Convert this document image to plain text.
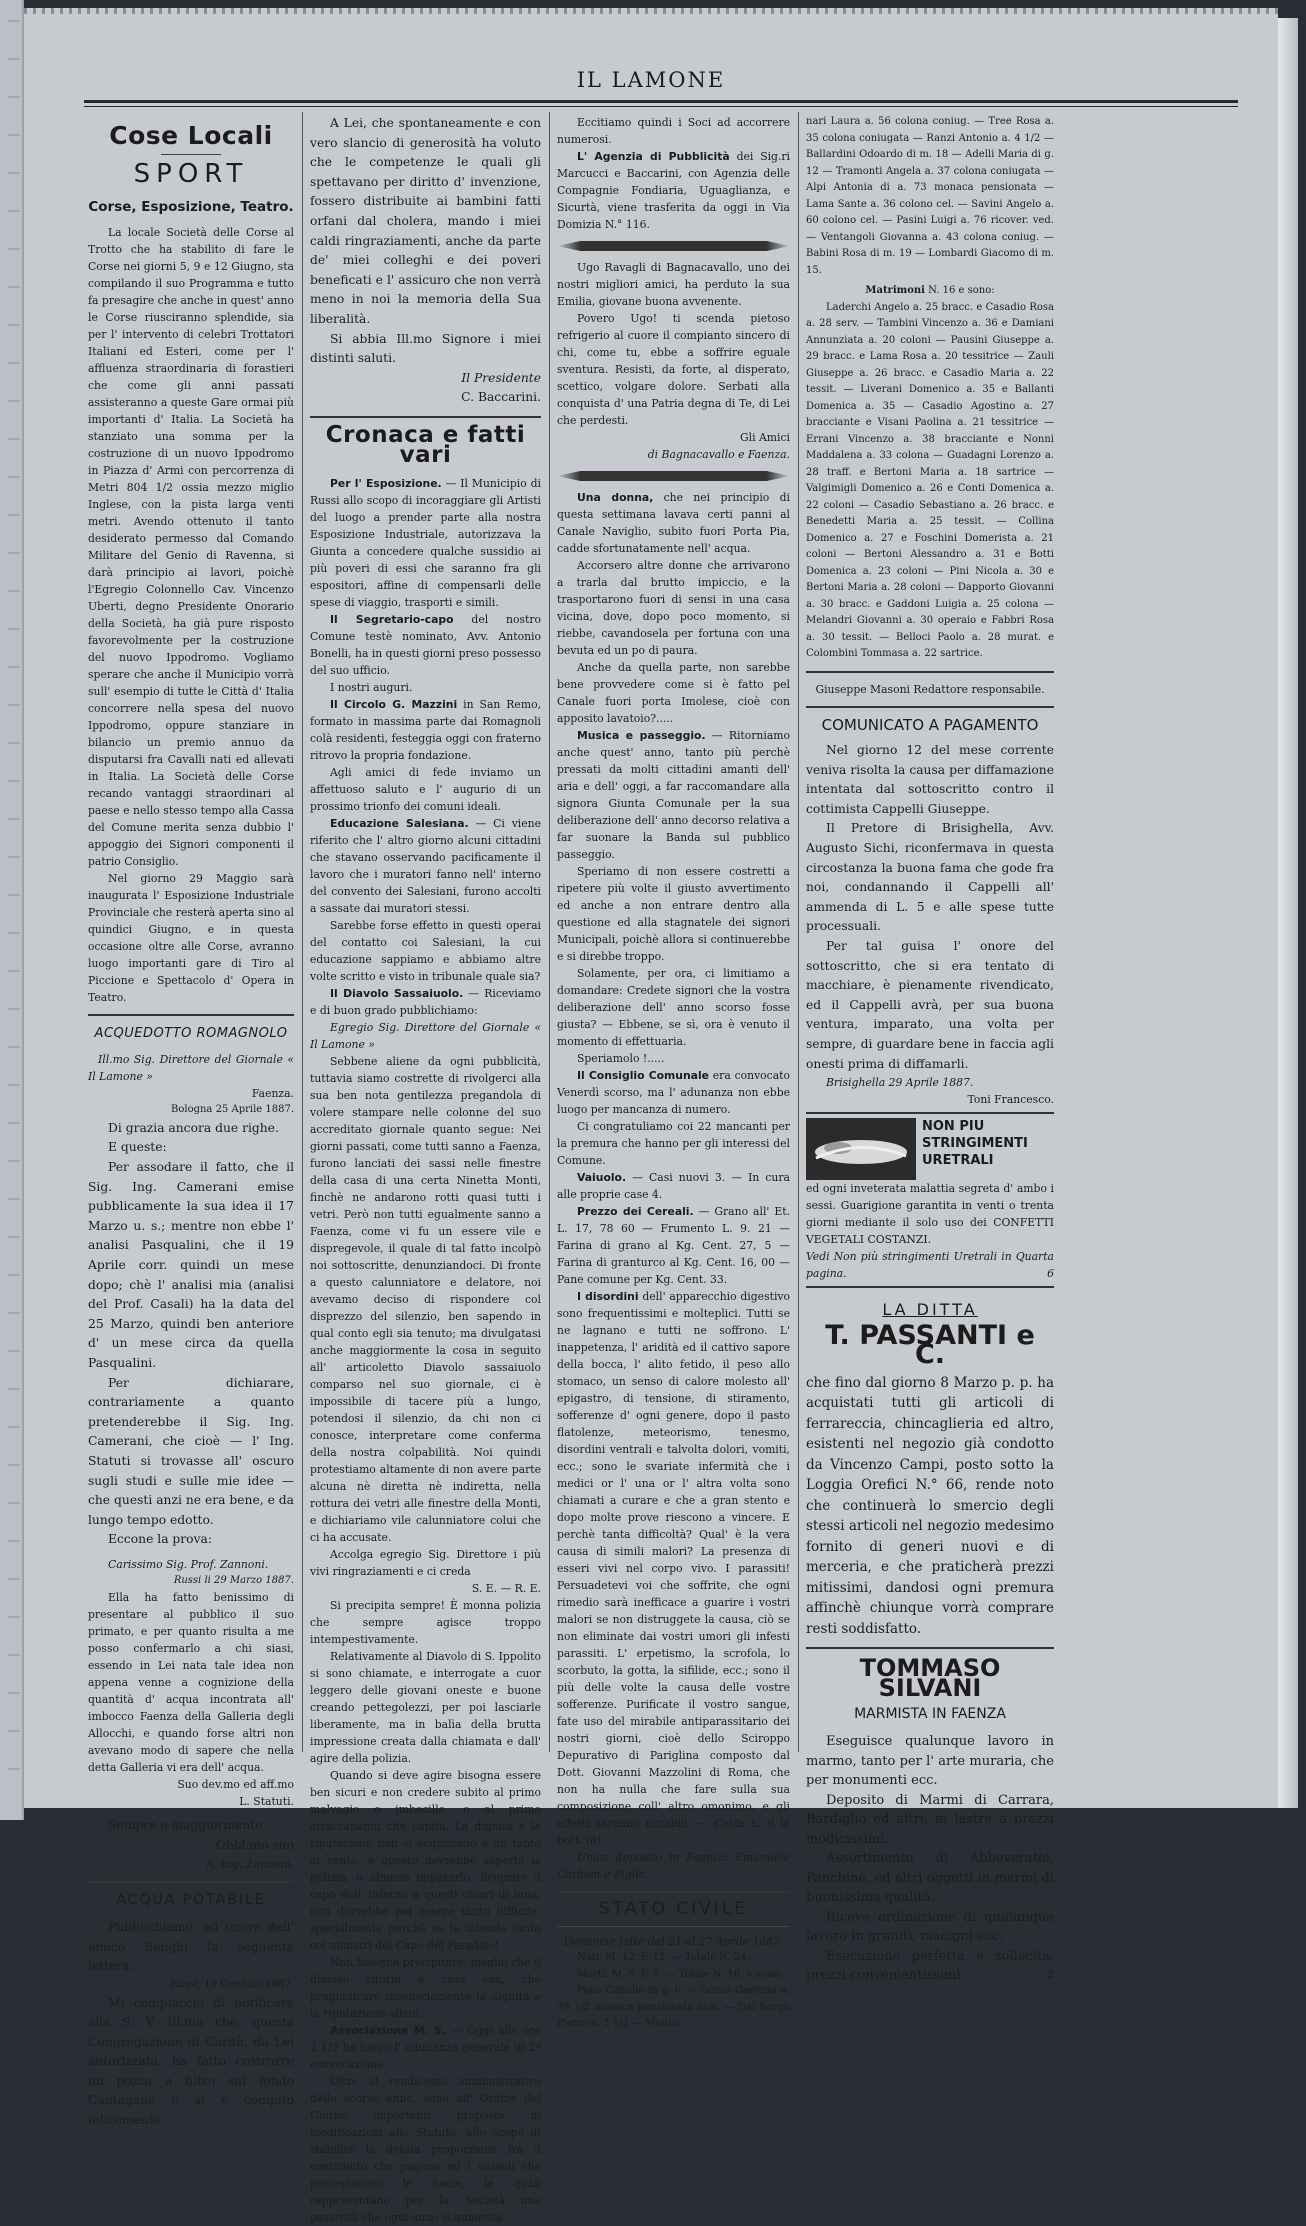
IL LAMONE
Cose Locali
SPORT
Corse, Esposizione, Teatro.

La locale Società delle Corse al Trotto che ha stabilito di fare le Corse nei giorni 5, 9 e 12 Giugno, sta compilando il suo Programma e tutto fa presagire che anche in quest' anno le Corse riusciranno splendide, sia per l' intervento di celebri Trottatori Italiani ed Esteri, come per l' affluenza straordinaria di forastieri che come gli anni passati assisteranno a queste Gare ormai più importanti d' Italia. La Società ha stanziato una somma per la costruzione di un nuovo Ippodromo in Piazza d' Armi con percorrenza di Metri 804 1/2 ossia mezzo miglio Inglese, con la pista larga venti metri. Avendo ottenuto il tanto desiderato permesso dal Comando Militare del Genio di Ravenna, si darà principio ai lavori, poichè l'Egregio Colonnello Cav. Vincenzo Uberti, degno Presidente Onorario della Società, ha già pure rispostо favorevolmente per la costruzione del nuovo Ippodromo. Vogliamo sperare che anche il Municipio vorrà sull' esempio di tutte le Città d' Italia concorrere nella spesa del nuovo Ippodromo, oppure stanziare in bilancio un premio annuo da disputarsi fra Cavalli nati ed allevati in Italia. La Società delle Corse recando vantaggi straordinari al paese e nello stesso tempo alla Cassa del Comune merita senza dubbio l' appoggio dei Signori componenti il patrio Consiglio.

Nel giorno 29 Maggio sarà inaugurata l' Esposizione Industriale Provinciale che resterà aperta sino al quindici Giugno, e in questa occasione oltre alle Corse, avranno luogo importanti gare di Tiro al Piccione e Spettacolo d' Opera in Teatro.

ACQUEDOTTO ROMAGNOLO

Ill.mo Sig. Direttore del Giornale « Il Lamone »

Faenza.

Bologna 25 Aprile 1887.

Di grazia ancora due righe.

E queste:

Per assodare il fatto, che il Sig. Ing. Camerani emise pubblicamente la sua idea il 17 Marzo u. s.; mentre non ebbe l' analisi Pasqualini, che il 19 Aprile corr. quindi un mese dopo; chè l' analisi mia (analisi del Prof. Casali) ha la data del 25 Marzo, quindi ben anteriore d' un mese circa da quella Pasqualini.

Per dichiarare, contrariamente a quanto pretenderebbe il Sig. Ing. Camerani, che cioè — l' Ing. Statuti si trovasse all' oscuro sugli studi e sulle mie idee — che questi anzi ne era bene, e da lungo tempo edotto.

Eccone la prova:

Carissimo Sig. Prof. Zannoni.

Russi li 29 Marzo 1887.

Ella ha fatto benissimo di presentare al pubblico il suo primato, e per quanto risulta a me posso confermarlo a chi siasi, essendo in Lei nata tale idea non appena venne a cognizione della quantità d' acqua incontrata all' imbocco Faenza della Galleria degli Allocchi, e quando forse altri non avevano modo di sapere che nella detta Galleria vi era dell' acqua.

Suo dev.mo ed aff.mo

L. Statuti.

Sempre e maggiormente

Obbl.mo suo

A. Ing. Zannoni.

ACQUA POTABILE

Pubblichiamo, ad onore dell' amico Benghi la seguente lettera:

Russi, 19 Gennaio 1887.

Mi compiaccio di notificare alla S. V. Ill.ma che, questa Congregazione di Carità, da Lei autorizzata, ha fatto costrurre un pozzo a filtro sul fondo Cantagallo e si è compito felicemente.

A Lei, che spontaneamente e con vero slancio di generosità ha voluto che le competenze le quali gli spettavano per diritto d' invenzione, fossero distribuite ai bambini fatti orfani dal cholera, mando i miei caldi ringraziamenti, anche da parte de' miei colleghi e dei poveri beneficati e l' assicuro che non verrà meno in noi la memoria della Sua liberalità.

Si abbia Ill.mo Signore i miei distinti saluti.

Il Presidente

C. Baccarini.

Cronaca e fatti vari

Per l' Esposizione. — Il Municipio di Russi allo scopo di incoraggiare gli Artisti del luogo a prender parte alla nostra Esposizione Industriale, autorizzava la Giunta a concedere qualche sussidio ai più poveri di essi che saranno fra gli espositori, affine di compensarli delle spese di viaggio, trasporti e simili.

Il Segretario-capo del nostro Comune testè nominato, Avv. Antonio Bonelli, ha in questi giorni preso possesso del suo ufficio.

I nostri auguri.

Il Circolo G. Mazzini in San Remo, formato in massima parte dai Romagnoli colà residenti, festeggia oggi con fraterno ritrovo la propria fondazione.

Agli amici di fede inviamo un affettuoso saluto e l' augurio di un prossimo trionfo dei comuni ideali.

Educazione Salesiana. — Ci viene riferito che l' altro giorno alcuni cittadini che stavano osservando pacificamente il lavoro che i muratori fanno nell' interno del convento dei Salesiani, furono accolti a sassate dai muratori stessi.

Sarebbe forse effetto in questi operai del contatto coi Salesiani, la cui educazione sappiamo e abbiamo altre volte scritto e visto in tribunale quale sia?

Il Diavolo Sassaiuolo. — Riceviamo e di buon grado pubblichiamo:

Egregio Sig. Direttore del Giornale « Il Lamone »

Sebbene aliene da ogni pubblicità, tuttavia siamo costrette di rivolgerci alla sua ben nota gentilezza pregandola di volere stampare nelle colonne del suo accreditato giornale quanto segue: Nei giorni passati, come tutti sanno a Faenza, furono lanciati dei sassi nelle finestre della casa di una certa Ninetta Monti, finchè ne andarono rotti quasi tutti i vetri. Però non tutti egualmente sanno a Faenza, come vi fu un essere vile e dispregevole, il quale di tal fatto incolpò noi sottoscritte, denunziandoci. Di fronte a questo calunniatore e delatore, noi avevamo deciso di rispondere col disprezzo del silenzio, ben sapendo in qual conto egli sia tenuto; ma divulgatasi anche maggiormente la cosa in seguito all' articoletto Diavolo sassaiuolo comparso nel suo giornale, ci è impossibile di tacere più a lungo, potendosi il silenzio, da chi non ci conosce, interpretare come conferma della nostra colpabilità. Noi quindi protestiamo altamente di non avere parte alcuna nè diretta nè indiretta, nella rottura dei vetri alle finestre della Monti, e dichiariamo vile calunniatore colui che ci ha accusate.

Accolga egregio Sig. Direttore i più vivi ringraziamenti e ci creda

S. E. — R. E.

Si precipita sempre! È monna polizia che sempre agisce troppo intempestivamente.

Relativamente al Diavolo di S. Ippolito si sono chiamate, e interrogate a cuor leggero delle giovani oneste e buone creando pettegolezzi, per poi lasciarle liberamente, ma in balìa della brutta impressione creata dalla chiamata e dall' agire della polizia.

Quando si deve agire bisogna essere ben sicuri e non credere subito al primo malvagio o imbecille, o al primo attaccapanni che capita. La dignità e la riputazione non si acquistano a un tanto al cento, e questo dovrebbe saperlo la polizia, o almeno impararlo. Scoprire il capo dell' inferno a questi chiari di luna, non dovrebbe poi essere tanto difficile, specialmente perchè se la intende tanto coi ministri del Capo del Paradiso!

Non bisogna precipitare: meglio che il diavolo ritorni a casa sua, che pregiudicare inconsciamente la dignità e la riputazione altrui.

Associazione M. S. — Oggi alle ore 2 1/2 ha luogo l' adunanza generale di 2ª convocazione.

Oltre al rendiconto amministrativo dello scorso anno, sono all' Ordine del Giorno importanti proposte di modificazioni allo Statuto, allo scopo di stabilire la debita proporzione fra il contributo che pagano ed i sussidi che percepiscono le Socie, le quali rappresentano per la Società una passività che ogni anno si aumenta.

Eccitiamo quindi i Soci ad accorrere numerosi.

L' Agenzia di Pubblicità dei Sig.ri Marcucci e Baccarini, con Agenzia delle Compagnie Fondiaria, Uguaglianza, e Sicurtà, viene trasferita da oggi in Via Domizia N.° 116.

Ugo Ravagli di Bagnacavallo, uno dei nostri migliori amici, ha perduto la sua Emilia, giovane buona avvenente.

Povero Ugo! ti scenda pietoso refrigerio al cuore il compianto sincero di chi, come tu, ebbe a soffrire eguale sventura. Resisti, da forte, al disperato, scettico, volgare dolore. Serbati alla conquista d' una Patria degna di Te, di Lei che perdesti.

Gli Amici

di Bagnacavallo e Faenza.

Una donna, che nei principio di questa settimana lavava certi panni al Canale Naviglio, subito fuori Porta Pia, cadde sfortunatamente nell' acqua.

Accorsero altre donne che arrivarono a trarla dal brutto impiccio, e la trasportarono fuori di sensi in una casa vicina, dove, dopo poco momento, si riebbe, cavandosela per fortuna con una bevuta ed un po di paura.

Anche da quella parte, non sarebbe bene provvedere come si è fatto pel Canale fuori porta Imolese, cioè con apposito lavatoio?.....

Musica e passeggio. — Ritorniamo anche quest' anno, tanto più perchè pressati da molti cittadini amanti dell' aria e dell' oggi, a far raccomandare alla signora Giunta Comunale per la sua deliberazione dell' anno decorso relativa a far suonare la Banda sul pubblico passeggio.

Speriamo di non essere costretti a ripetere più volte il giusto avvertimento ed anche a non entrare dentro alla questione ed alla stagnatele dei signori Municipali, poichè allora si continuerebbe e si direbbe troppo.

Solamente, per ora, ci limitiamo a domandare: Credete signori che la vostra deliberazione dell' anno scorso fosse giusta? — Ebbene, se sì, ora è venuto il momento di effettuaria.

Speriamolo !.....

Il Consiglio Comunale era convocato Venerdì scorso, ma l' adunanza non ebbe luogo per mancanza di numero.

Ci congratuliamo coi 22 mancanti per la premura che hanno per gli interessi del Comune.

Vaiuolo. — Casi nuovi 3. — In cura alle proprie case 4.

Prezzo dei Cereali. — Grano all' Et. L. 17, 78 60 — Frumento L. 9. 21 — Farina di grano al Kg. Cent. 27, 5 — Farina di granturco al Kg. Cent. 16, 00 — Pane comune per Kg. Cent. 33.

I disordini dell' apparecchio digestivo sono frequentissimi e molteplici. Tutti se ne lagnano e tutti ne soffrono. L' inappetenza, l' aridità ed il cattivo sapore della bocca, l' alito fetido, il peso allo stomaco, un senso di calore molesto all' epigastro, di tensione, di stiramento, sofferenze d' ogni genere, dopo il pasto flatolenze, meteorismo, tenesmo, disordini ventrali e talvolta dolori, vomiti, ecc.; sono le svariate infermità che i medici or l' una or l' altra volta sono chiamati a curare e che a gran stento e dopo molte prove riescono a vincere. E perchè tanta difficoltà? Qual' è la vera causa di simili malori? La presenza di esseri vivi nel corpo vivo. I parassiti! Persuadetevi voi che soffrite, che ogni rimedio sarà inefficace a guarire i vostri malori se non distruggete la causa, ciò se non eliminate dai vostri umori gli infesti parassiti. L' erpetismo, la scrofola, lo scorbuto, la gotta, la sifilide, ecc.; sono il più delle volte la causa delle vostre sofferenze. Purificate il vostro sangue, fate uso del mirabile antiparassitario dei nostri giorni, cioè dello Sciroppo Depurativo di Pariglina composto dal Dott. Giovanni Mazzolini di Roma, che non ha nulla che fare sulla sua composizione coll' altro omonimo, e gli effetti saranno mirabili. — Costa L. 9 la bott. (8)

Unico deposito in Faenza: Emanuele Carboni e Figlio.

STATO CIVILE

Denuncie fatte dal 21 al 27 Aprile 1887.

Nati. M. 12. F. 12. — Totale N. 24.

Morti. M. S. F. 8. — Totale N. 16, e sono:

Papa Camillo di g. 6 — Taroni Gaetana a. 78 1/2 monaca pensionata nub. — Dal Borgo Pietro a. 3 1/2 — Monta-

nari Laura a. 56 colona coniug. — Tree Rosa a. 35 colona coniugata — Ranzi Antonio a. 4 1/2 — Ballardini Odoardo di m. 18 — Adelli Maria di g. 12 — Tramonti Angela a. 37 colona coniugata — Alpi Antonia di a. 73 monaca pensionata — Lama Sante a. 36 colono cel. — Savini Angelo a. 60 colono cel. — Pasini Luigi a. 76 ricover. ved. — Ventangoli Giovanna a. 43 colona coniug. — Babini Rosa di m. 19 — Lombardi Giacomo di m. 15.

Matrimoni N. 16 e sono:

Laderchi Angelo a. 25 bracc. e Casadio Rosa a. 28 serv. — Tambini Vincenzo a. 36 e Damiani Annunziata a. 20 coloni — Pausini Giuseppe a. 29 bracc. e Lama Rosa a. 20 tessitrice — Zauli Giuseppe a. 26 bracc. e Casadio Maria a. 22 tessit. — Liverani Domenico a. 35 e Ballanti Domenica a. 35 — Casadio Agostino a. 27 bracciante e Visani Paolina a. 21 tessitrice — Errani Vincenzo a. 38 bracciante e Nonni Maddalena a. 33 colona — Guadagni Lorenzo a. 28 traff. e Bertoni Maria a. 18 sartrice — Valgimigli Domenico a. 26 e Conti Domenica a. 22 coloni — Casadio Sebastiano a. 26 bracc. e Benedetti Maria a. 25 tessit. — Collina Domenico a. 27 e Foschini Domerista a. 21 coloni — Bertoni Alessandro a. 31 e Botti Domenica a. 23 coloni — Pini Nicola a. 30 e Bertoni Maria a. 28 coloni — Dapporto Giovanni a. 30 bracc. e Gaddoni Luigia a. 25 colona — Melandri Giovanni a. 30 operaio e Fabbri Rosa a. 30 tessit. — Belloci Paolo a. 28 murat. e Colombini Tommasa a. 22 sartrice.

Giuseppe Masoni Redattore responsabile.

COMUNICATO A PAGAMENTO

Nel giorno 12 del mese corrente veniva risolta la causa per diffamazione intentata dal sottoscritto contro il cottimista Cappelli Giuseppe.

Il Pretore di Brisighella, Avv. Augusto Sichi, riconfermava in questa circostanza la buona fama che gode fra noi, condannando il Cappelli all' ammenda di L. 5 e alle spese tutte processuali.

Per tal guisa l' onore del sottoscritto, che si era tentato di macchiare, è pienamente rivendicato, ed il Cappelli avrà, per sua buona ventura, imparato, una volta per sempre, di guardare bene in faccia agli onesti prima di diffamarli.

Brisighella 29 Aprile 1887.

Toni Francesco.

NON PIU STRINGIMENTI URETRALI

ed ogni inveterata malattia segreta d' ambo i sessi. Guarigione garantita in venti o trenta giorni mediante il solo uso dei CONFETTI VEGETALI COSTANZI.

Vedi Non più stringimenti Uretrali in Quarta pagina.	6

LA DITTA
T. PASSANTI e C.

che fino dal giorno 8 Marzo p. p. ha acquistati tutti gli articoli di ferrareccia, chincaglieria ed altro, esistenti nel negozio già condotto da Vincenzo Campi, posto sotto la Loggia Orefici N.° 66, rende noto che continuerà lo smercio degli stessi articoli nel negozio medesimo fornito di generi nuovi e di merceria, e che praticherà prezzi mitissimi, dandosi ogni premura affinchè chiunque vorrà comprare resti soddisfatto.

TOMMASO SILVANI
MARMISTA IN FAENZA

Eseguisce qualunque lavoro in marmo, tanto per l' arte muraria, che per monumenti ecc.

Deposito di Marmi di Carrara, Bardiglio ed altri, in lastre a prezzi modicissimi.

Assortimento di Abbeveratoi, Panchine, ed altri oggetti in marmi di buonissima qualità.

Riceve ordinazione di qualunque lavoro in graniti, macigni ecc.

Esecuzione perfetta e sollecita, prezzi convenientissimi.	2
